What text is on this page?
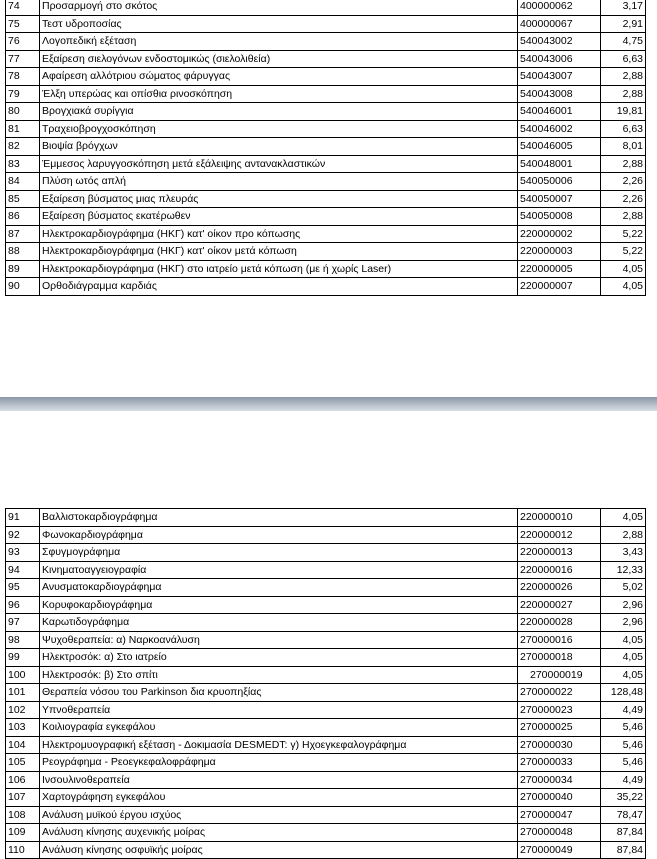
74	Προσαρμογή στο σκότος	400000062	3,17
75	Τεστ υδροποσίας	400000067	2,91
76	Λογοπεδική εξέταση	540043002	4,75
77	Εξαίρεση σιελογόνων ενδοστομικώς (σιελολιθεία)	540043006	6,63
78	Αφαίρεση αλλότριου σώματος φάρυγγας	540043007	2,88
79	Έλξη υπερώας και οπίσθια ρινοσκόπηση	540043008	2,88
80	Βρογχιακά συρίγγια	540046001	19,81
81	Τραχειοβρογχοσκόπηση	540046002	6,63
82	Βιοψία βρόγχων	540046005	8,01
83	Έμμεσος λαρυγγοσκόπηση μετά εξάλειψης αντανακλαστικών	540048001	2,88
84	Πλύση ωτός απλή	540050006	2,26
85	Εξαίρεση βύσματος μιας πλευράς	540050007	2,26
86	Εξαίρεση βύσματος εκατέρωθεν	540050008	2,88
87	Ηλεκτροκαρδιογράφημα (ΗΚΓ) κατ' οίκον προ κόπωσης	220000002	5,22
88	Ηλεκτροκαρδιογράφημα (ΗΚΓ) κατ' οίκον μετά κόπωση	220000003	5,22
89	Ηλεκτροκαρδιογράφημα (ΗΚΓ) στο ιατρείο μετά κόπωση (με ή χωρίς Laser)	220000005	4,05
90	Ορθοδιάγραμμα καρδιάς	220000007	4,05
91	Βαλλιστοκαρδιογράφημα	220000010	4,05
92	Φωνοκαρδιογράφημα	220000012	2,88
93	Σφυγμογράφημα	220000013	3,43
94	Κινηματοαγγειογραφία	220000016	12,33
95	Ανυσματοκαρδιογράφημα	220000026	5,02
96	Κορυφοκαρδιογράφημα	220000027	2,96
97	Καρωτιδογράφημα	220000028	2,96
98	Ψυχοθεραπεία: α) Ναρκοανάλυση	270000016	4,05
99	Ηλεκτροσόκ: α) Στο ιατρείο	270000018	4,05
100	Ηλεκτροσόκ: β) Στο σπίτι	270000019	4,05
101	Θεραπεία νόσου του Parkinson δια κρυοπηξίας	270000022	128,48
102	Υπνοθεραπεία	270000023	4,49
103	Κοιλιογραφία εγκεφάλου	270000025	5,46
104	Ηλεκτρομυογραφική εξέταση - Δοκιμασία DESMEDT: γ) Ηχοεγκεφαλογράφημα	270000030	5,46
105	Ρεογράφημα - Ρεοεγκεφαλοφράφημα	270000033	5,46
106	Ινσουλινοθεραπεία	270000034	4,49
107	Χαρτογράφηση εγκεφάλου	270000040	35,22
108	Ανάλυση μυϊκού έργου ισχύος	270000047	78,47
109	Ανάλυση κίνησης αυχενικής μοίρας	270000048	87,84
110	Ανάλυση κίνησης οσφυϊκής μοίρας	270000049	87,84
